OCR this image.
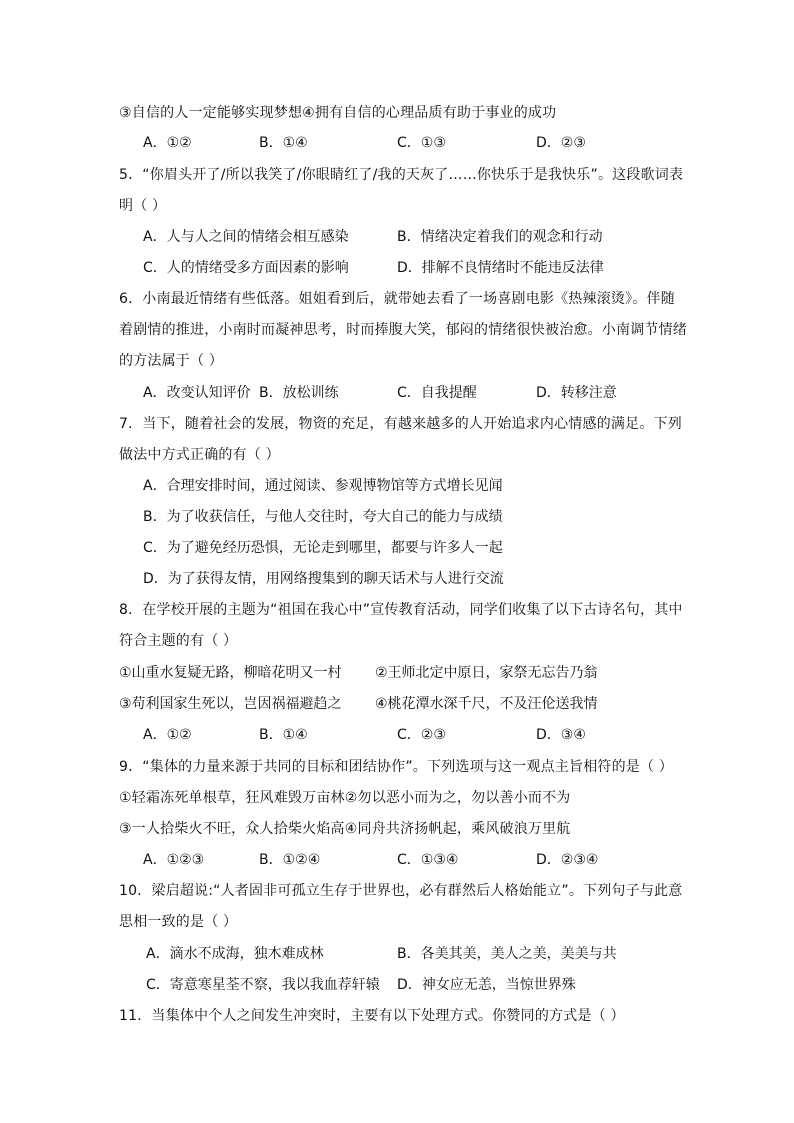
③自信的人一定能够实现梦想④拥有自信的心理品质有助于事业的成功
A．①②	B．①④	C．①③	D．②③
5．“你眉头开了/所以我笑了/你眼睛红了/我的天灰了……你快乐于是我快乐”。这段歌词表
明（ ）
A．人与人之间的情绪会相互感染	B．情绪决定着我们的观念和行动
C．人的情绪受多方面因素的影响	D．排解不良情绪时不能违反法律
6．小南最近情绪有些低落。姐姐看到后，就带她去看了一场喜剧电影《热辣滚烫》。伴随
着剧情的推进，小南时而凝神思考，时而捧腹大笑，郁闷的情绪很快被治愈。小南调节情绪
的方法属于（ ）
A．改变认知评价 B．放松训练	C．自我提醒	D．转移注意
7．当下，随着社会的发展，物资的充足，有越来越多的人开始追求内心情感的满足。下列
做法中方式正确的有（ ）
A．合理安排时间，通过阅读、参观博物馆等方式增长见闻
B．为了收获信任，与他人交往时，夸大自己的能力与成绩
C．为了避免经历恐惧，无论走到哪里，都要与许多人一起
D．为了获得友情，用网络搜集到的聊天话术与人进行交流
8．在学校开展的主题为“祖国在我心中”宣传教育活动，同学们收集了以下古诗名句，其中
符合主题的有（ ）
①山重水复疑无路，柳暗花明又一村 ②王师北定中原日，家祭无忘告乃翁
③苟利国家生死以，岂因祸福避趋之 ④桃花潭水深千尺，不及汪伦送我情
A．①②	B．①④	C．②③	D．③④
9．“集体的力量来源于共同的目标和团结协作”。下列选项与这一观点主旨相符的是（ ）
①轻霜冻死单根草，狂风难毁万亩林②勿以恶小而为之，勿以善小而不为
③一人拾柴火不旺，众人拾柴火焰高④同舟共济扬帆起，乘风破浪万里航
A．①②③	B．①②④	C．①③④	D．②③④
10．梁启超说:“人者固非可孤立生存于世界也，必有群然后人格始能立”。下列句子与此意
思相一致的是（ ）
A．滴水不成海，独木难成林	B．各美其美，美人之美，美美与共
C．寄意寒星荃不察，我以我血荐轩辕 D．神女应无恙，当惊世界殊
11．当集体中个人之间发生冲突时，主要有以下处理方式。你赞同的方式是（ ）
